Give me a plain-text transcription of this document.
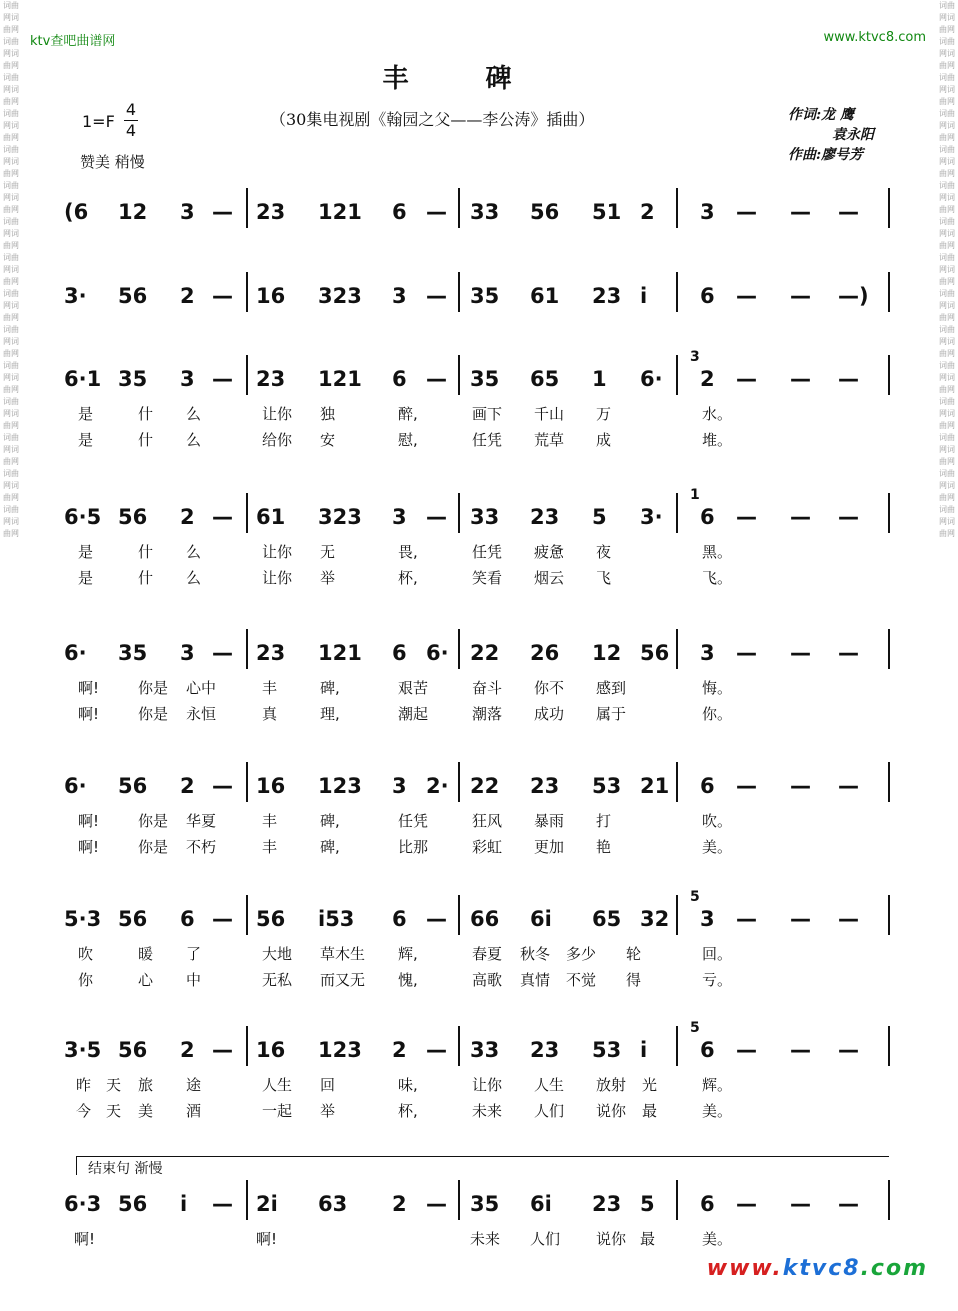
词曲网词曲网词曲网词曲网词曲网词曲网词曲网词曲网词曲网词曲网词曲网词曲网词曲网词曲网词曲网词曲网词曲网词曲网词曲网词曲网词曲网词曲网词曲网词曲网词曲网词曲网词曲网词曲网词曲网词曲网
词曲网词曲网词曲网词曲网词曲网词曲网词曲网词曲网词曲网词曲网词曲网词曲网词曲网词曲网词曲网词曲网词曲网词曲网词曲网词曲网词曲网词曲网词曲网词曲网词曲网词曲网词曲网词曲网词曲网词曲网
ktv查吧曲谱网	www.ktvc8.com
丰 碑
1=F
4
4
赞美 稍慢
（30集电视剧《翰园之父——李公涛》插曲）	作词:龙 鹰
袁永阳
作曲:廖号芳
(6 12 3 — 23 121 6 — 33 56 51 2 3 — — —
3· 56 2 — 16 323 3 — 35 61 23 i	6 — — —)
6·1 35 3 — 23 121 6 — 35 65 1 6· 2 — — —
是	什 么	让你 独	醉,	画下 千山 万	水。
是	什 么	给你 安	慰,	任凭 荒草 成	堆。
6·5 56 2 — 61 323 3 — 33 23 5 3· 6 — — —
是	什 么	让你 无	畏,	任凭 疲惫 夜	黑。
是	什 么	让你 举	杯,	笑看 烟云 飞	飞。
6· 35 3 — 23 121 6 6· 22 26 12 56 3 — — —
啊!	你是 心中	丰	碑,	艰苦	奋斗 你不 感到	悔。
啊!	你是 永恒	真	理,	潮起	潮落 成功 属于	你。
6· 56 2 — 16 123 3 2· 22 23 53 21 6 — — —
啊!	你是 华夏	丰	碑,	任凭	狂风 暴雨 打	吹。
啊!	你是 不朽	丰	碑,	比那	彩虹 更加 艳	美。
5·3 56 6 — 56 i53 6 — 66 6i 65 32 3 — — —
吹	暖 了	大地 草木生 辉,	春夏 秋冬 多少 轮	回。
你	心 中	无私 而又无 愧,	高歌 真情 不觉 得	亏。
3·5 56 2 — 16 123 2 — 33 23 53 i	6 — — —
昨 天 旅 途	人生 回	味,	让你 人生 放射 光	辉。
今 天 美 酒	一起 举	杯,	未来 人们 说你 最	美。
6·3 56 i — 2i 63 2 — 35 6i 23 5 6 — — —
啊!	啊!	未来 人们 说你 最	美。
3
1
5
5
结束句 渐慢
www.ktvc8.com
